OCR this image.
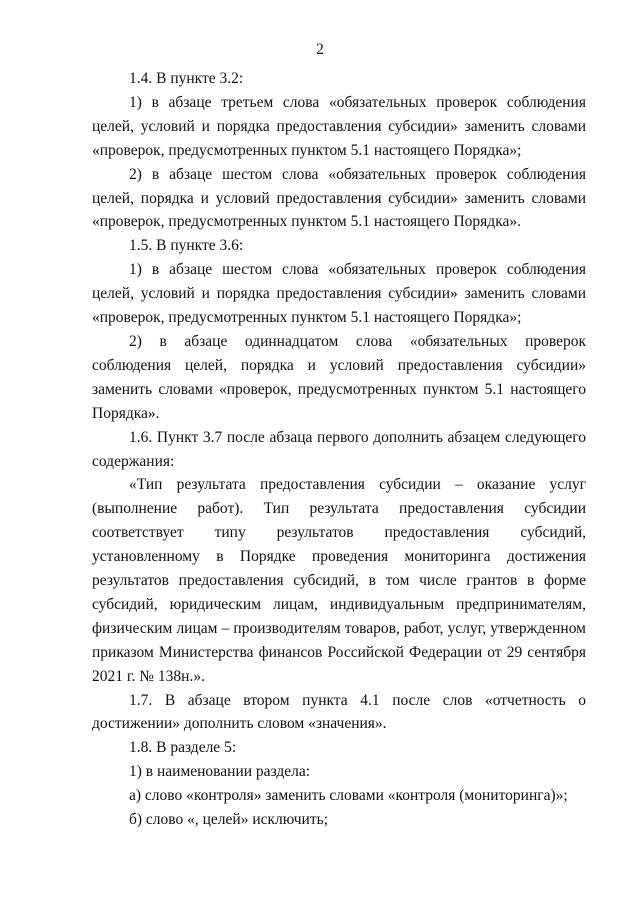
2

1.4. В пункте 3.2:

1) в абзаце третьем слова «обязательных проверок соблюдения целей, условий и порядка предоставления субсидии» заменить словами «проверок, предусмотренных пунктом 5.1 настоящего Порядка»;

2) в абзаце шестом слова «обязательных проверок соблюдения целей, порядка и условий предоставления субсидии» заменить словами «проверок, предусмотренных пунктом 5.1 настоящего Порядка».

1.5. В пункте 3.6:

1) в абзаце шестом слова «обязательных проверок соблюдения целей, условий и порядка предоставления субсидии» заменить словами «проверок, предусмотренных пунктом 5.1 настоящего Порядка»;

2) в абзаце одиннадцатом слова «обязательных проверок соблюдения целей, порядка и условий предоставления субсидии» заменить словами «проверок, предусмотренных пунктом 5.1 настоящего Порядка».

1.6. Пункт 3.7 после абзаца первого дополнить абзацем следующего содержания:

«Тип результата предоставления субсидии – оказание услуг (выполнение работ). Тип результата предоставления субсидии соответствует типу результатов предоставления субсидий, установленному в Порядке проведения мониторинга достижения результатов предоставления субсидий, в том числе грантов в форме субсидий, юридическим лицам, индивидуальным предпринимателям, физическим лицам – производителям товаров, работ, услуг, утвержденном приказом Министерства финансов Российской Федерации от 29 сентября 2021 г. № 138н.».

1.7. В абзаце втором пункта 4.1 после слов «отчетность о достижении» дополнить словом «значения».

1.8. В разделе 5:

1) в наименовании раздела:

а) слово «контроля» заменить словами «контроля (мониторинга)»;

б) слово «, целей» исключить;
